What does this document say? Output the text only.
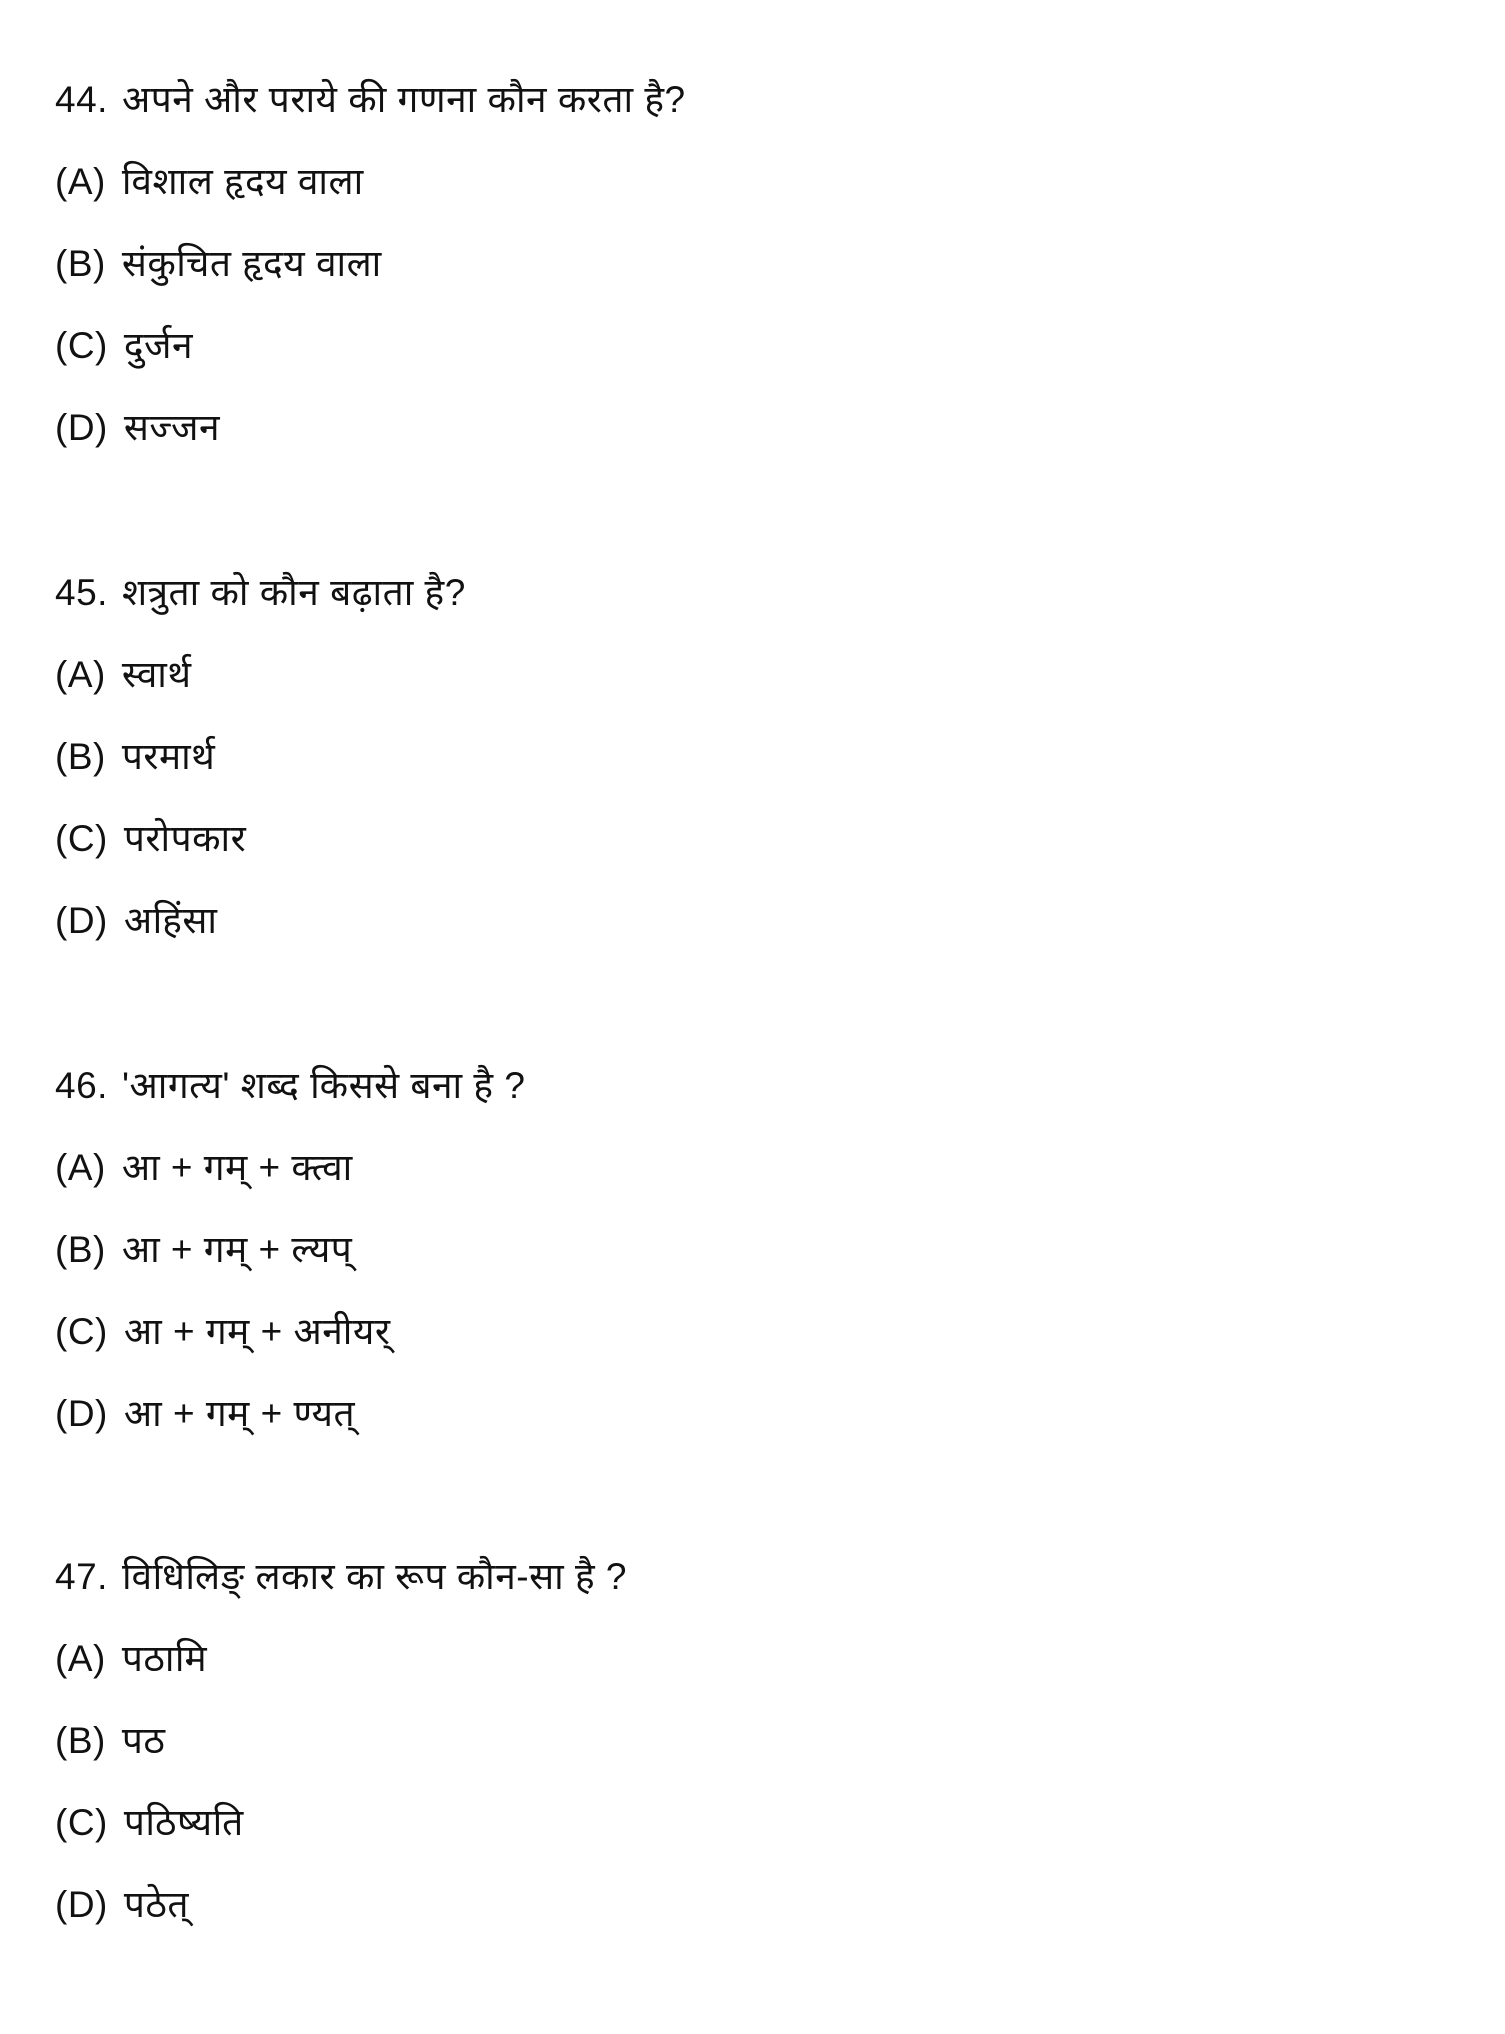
44. अपने और पराये की गणना कौन करता है?
(A) विशाल हृदय वाला
(B) संकुचित हृदय वाला
(C) दुर्जन
(D) सज्जन
45. शत्रुता को कौन बढ़ाता है?
(A) स्वार्थ
(B) परमार्थ
(C) परोपकार
(D) अहिंसा
46. 'आगत्य' शब्द किससे बना है ?
(A) आ + गम् + क्त्वा
(B) आ + गम् + ल्यप्
(C) आ + गम् + अनीयर्
(D) आ + गम् + ण्यत्
47. विधिलिङ् लकार का रूप कौन-सा है ?
(A) पठामि
(B) पठ
(C) पठिष्यति
(D) पठेत्
